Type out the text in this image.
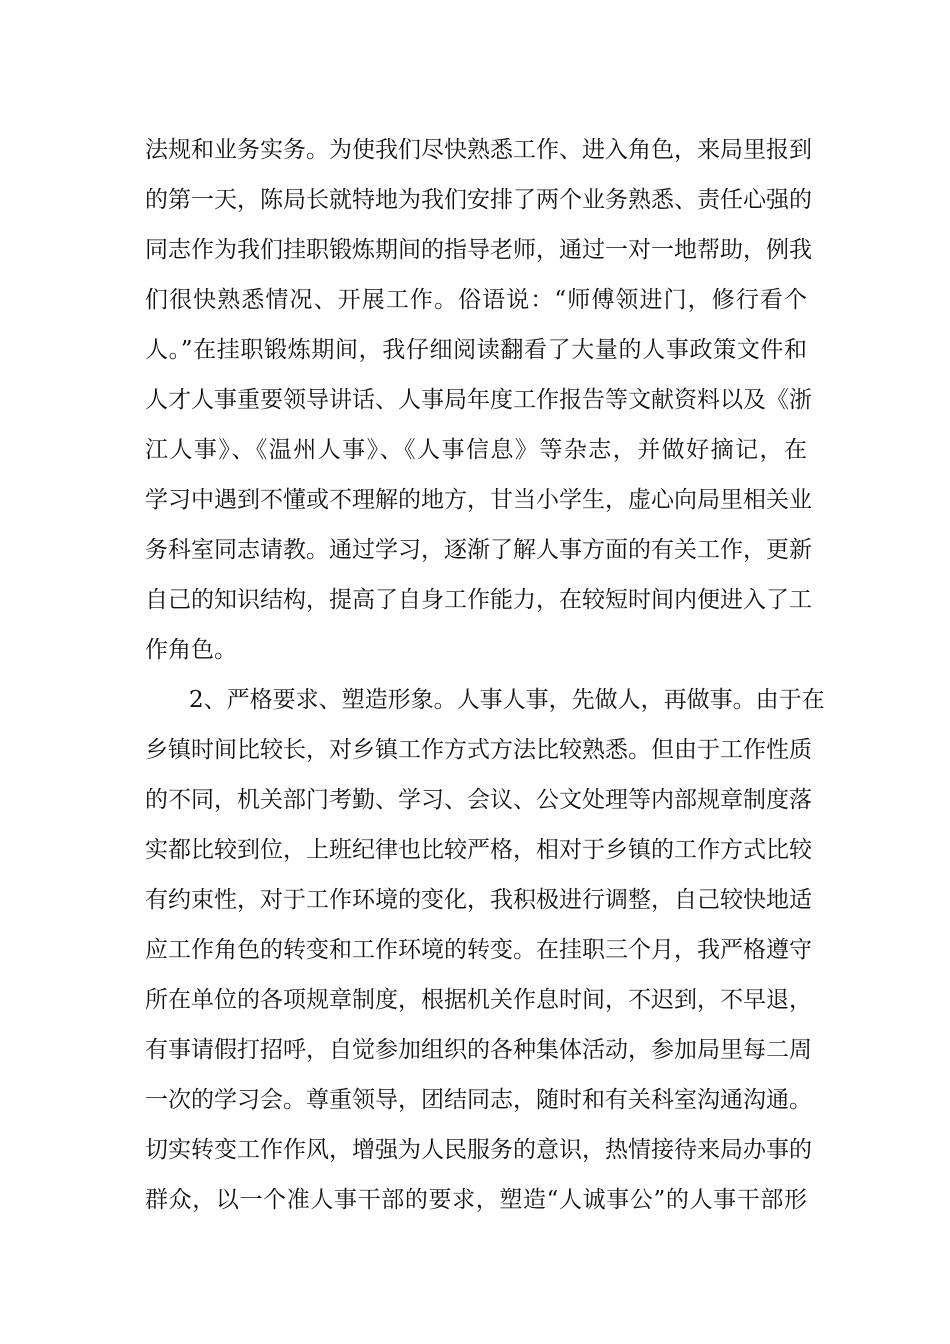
法规和业务实务。为使我们尽快熟悉工作、进入角色，来局里报到
的第一天，陈局长就特地为我们安排了两个业务熟悉、责任心强的
同志作为我们挂职锻炼期间的指导老师，通过一对一地帮助，例我
们很快熟悉情况、开展工作。俗语说：“师傅领进门，修行看个
人。”在挂职锻炼期间，我仔细阅读翻看了大量的人事政策文件和
人才人事重要领导讲话、人事局年度工作报告等文献资料以及《浙
江人事》、《温州人事》、《人事信息》等杂志，并做好摘记，在
学习中遇到不懂或不理解的地方，甘当小学生，虚心向局里相关业
务科室同志请教。通过学习，逐渐了解人事方面的有关工作，更新
自己的知识结构，提高了自身工作能力，在较短时间内便进入了工
作角色。
2、严格要求、塑造形象。人事人事，先做人，再做事。由于在
乡镇时间比较长，对乡镇工作方式方法比较熟悉。但由于工作性质
的不同，机关部门考勤、学习、会议、公文处理等内部规章制度落
实都比较到位，上班纪律也比较严格，相对于乡镇的工作方式比较
有约束性，对于工作环境的变化，我积极进行调整，自己较快地适
应工作角色的转变和工作环境的转变。在挂职三个月，我严格遵守
所在单位的各项规章制度，根据机关作息时间，不迟到，不早退，
有事请假打招呼，自觉参加组织的各种集体活动，参加局里每二周
一次的学习会。尊重领导，团结同志，随时和有关科室沟通沟通。
切实转变工作作风，增强为人民服务的意识，热情接待来局办事的
群众，以一个准人事干部的要求，塑造“人诚事公”的人事干部形
